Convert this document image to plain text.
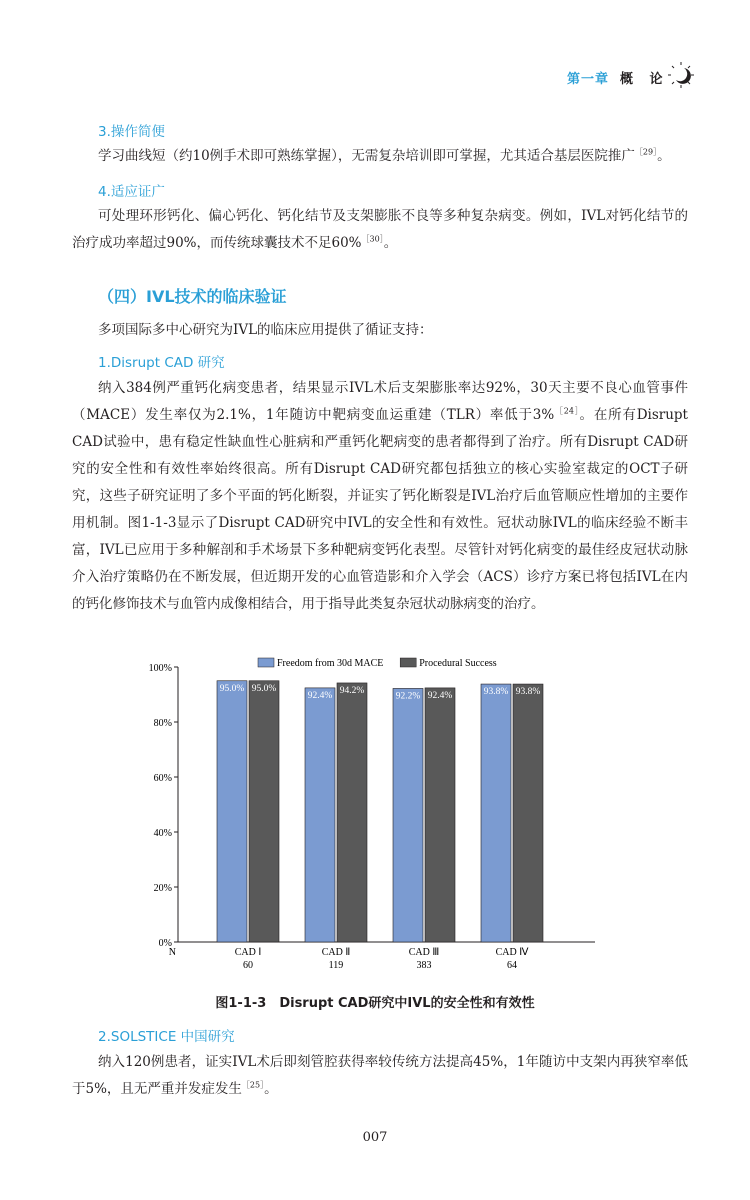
第一章 概 论
3.操作简便
学习曲线短（约10例手术即可熟练掌握），无需复杂培训即可掌握，尤其适合基层医院推广$^{[29]}$。
4.适应证广
可处理环形钙化、偏心钙化、钙化结节及支架膨胀不良等多种复杂病变。例如，IVL对钙化结节的治疗成功率超过90%，而传统球囊技术不足60%$^{[30]}$。
（四）IVL技术的临床验证
多项国际多中心研究为IVL的临床应用提供了循证支持：
1.Disrupt CAD 研究
纳入384例严重钙化病变患者，结果显示IVL术后支架膨胀率达92%，30天主要不良心血管事件（MACE）发生率仅为2.1%，1年随访中靶病变血运重建（TLR）率低于3%$^{[24]}$。在所有Disrupt CAD试验中，患有稳定性缺血性心脏病和严重钙化靶病变的患者都得到了治疗。所有Disrupt CAD研究的安全性和有效性率始终很高。所有Disrupt CAD研究都包括独立的核心实验室裁定的OCT子研究，这些子研究证明了多个平面的钙化断裂，并证实了钙化断裂是IVL治疗后血管顺应性增加的主要作用机制。图1-1-3显示了Disrupt CAD研究中IVL的安全性和有效性。冠状动脉IVL的临床经验不断丰富，IVL已应用于多种解剖和手术场景下多种靶病变钙化表型。尽管针对钙化病变的最佳经皮冠状动脉介入治疗策略仍在不断发展，但近期开发的心血管造影和介入学会（ACS）诊疗方案已将包括IVL在内的钙化修饰技术与血管内成像相结合，用于指导此类复杂冠状动脉病变的治疗。
0%
20%
40%
60%
80%
100%	Freedom from 30d MACE	Procedural Success
95.0% 95.0%
CAD Ⅰ
60
92.4% 94.2%
CAD Ⅱ
119
92.2% 92.4%
CAD Ⅲ
383
93.8% 93.8%
CAD Ⅳ
64
N
图1-1-3　Disrupt CAD研究中IVL的安全性和有效性
2.SOLSTICE 中国研究
纳入120例患者，证实IVL术后即刻管腔获得率较传统方法提高45%，1年随访中支架内再狭窄率低于5%，且无严重并发症发生$^{[25]}$。
007
